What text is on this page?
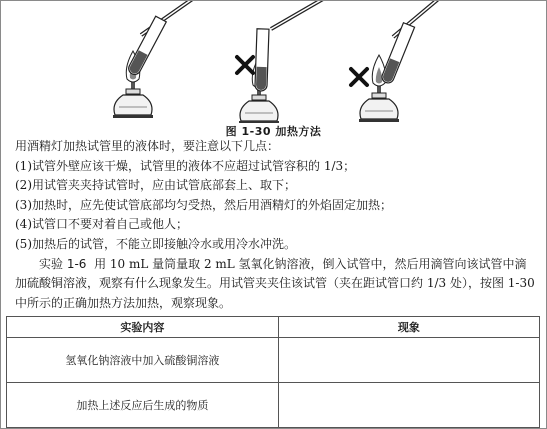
图 1-30 加热方法

用酒精灯加热试管里的液体时，要注意以下几点：

(1)试管外壁应该干燥，试管里的液体不应超过试管容积的 1/3；

(2)用试管夹夹持试管时，应由试管底部套上、取下；

(3)加热时，应先使试管底部均匀受热，然后用酒精灯的外焰固定加热；

(4)试管口不要对着自己或他人；

(5)加热后的试管，不能立即接触冷水或用冷水冲洗。

实验 1-6 用 10 mL 量筒量取 2 mL 氢氧化钠溶液，倒入试管中，然后用滴管向该试管中滴加硫酸铜溶液，观察有什么现象发生。用试管夹夹住该试管（夹在距试管口约 1/3 处），按图 1-30 中所示的正确加热方法加热，观察现象。

实验内容	现象
氢氧化钠溶液中加入硫酸铜溶液	
加热上述反应后生成的物质	
